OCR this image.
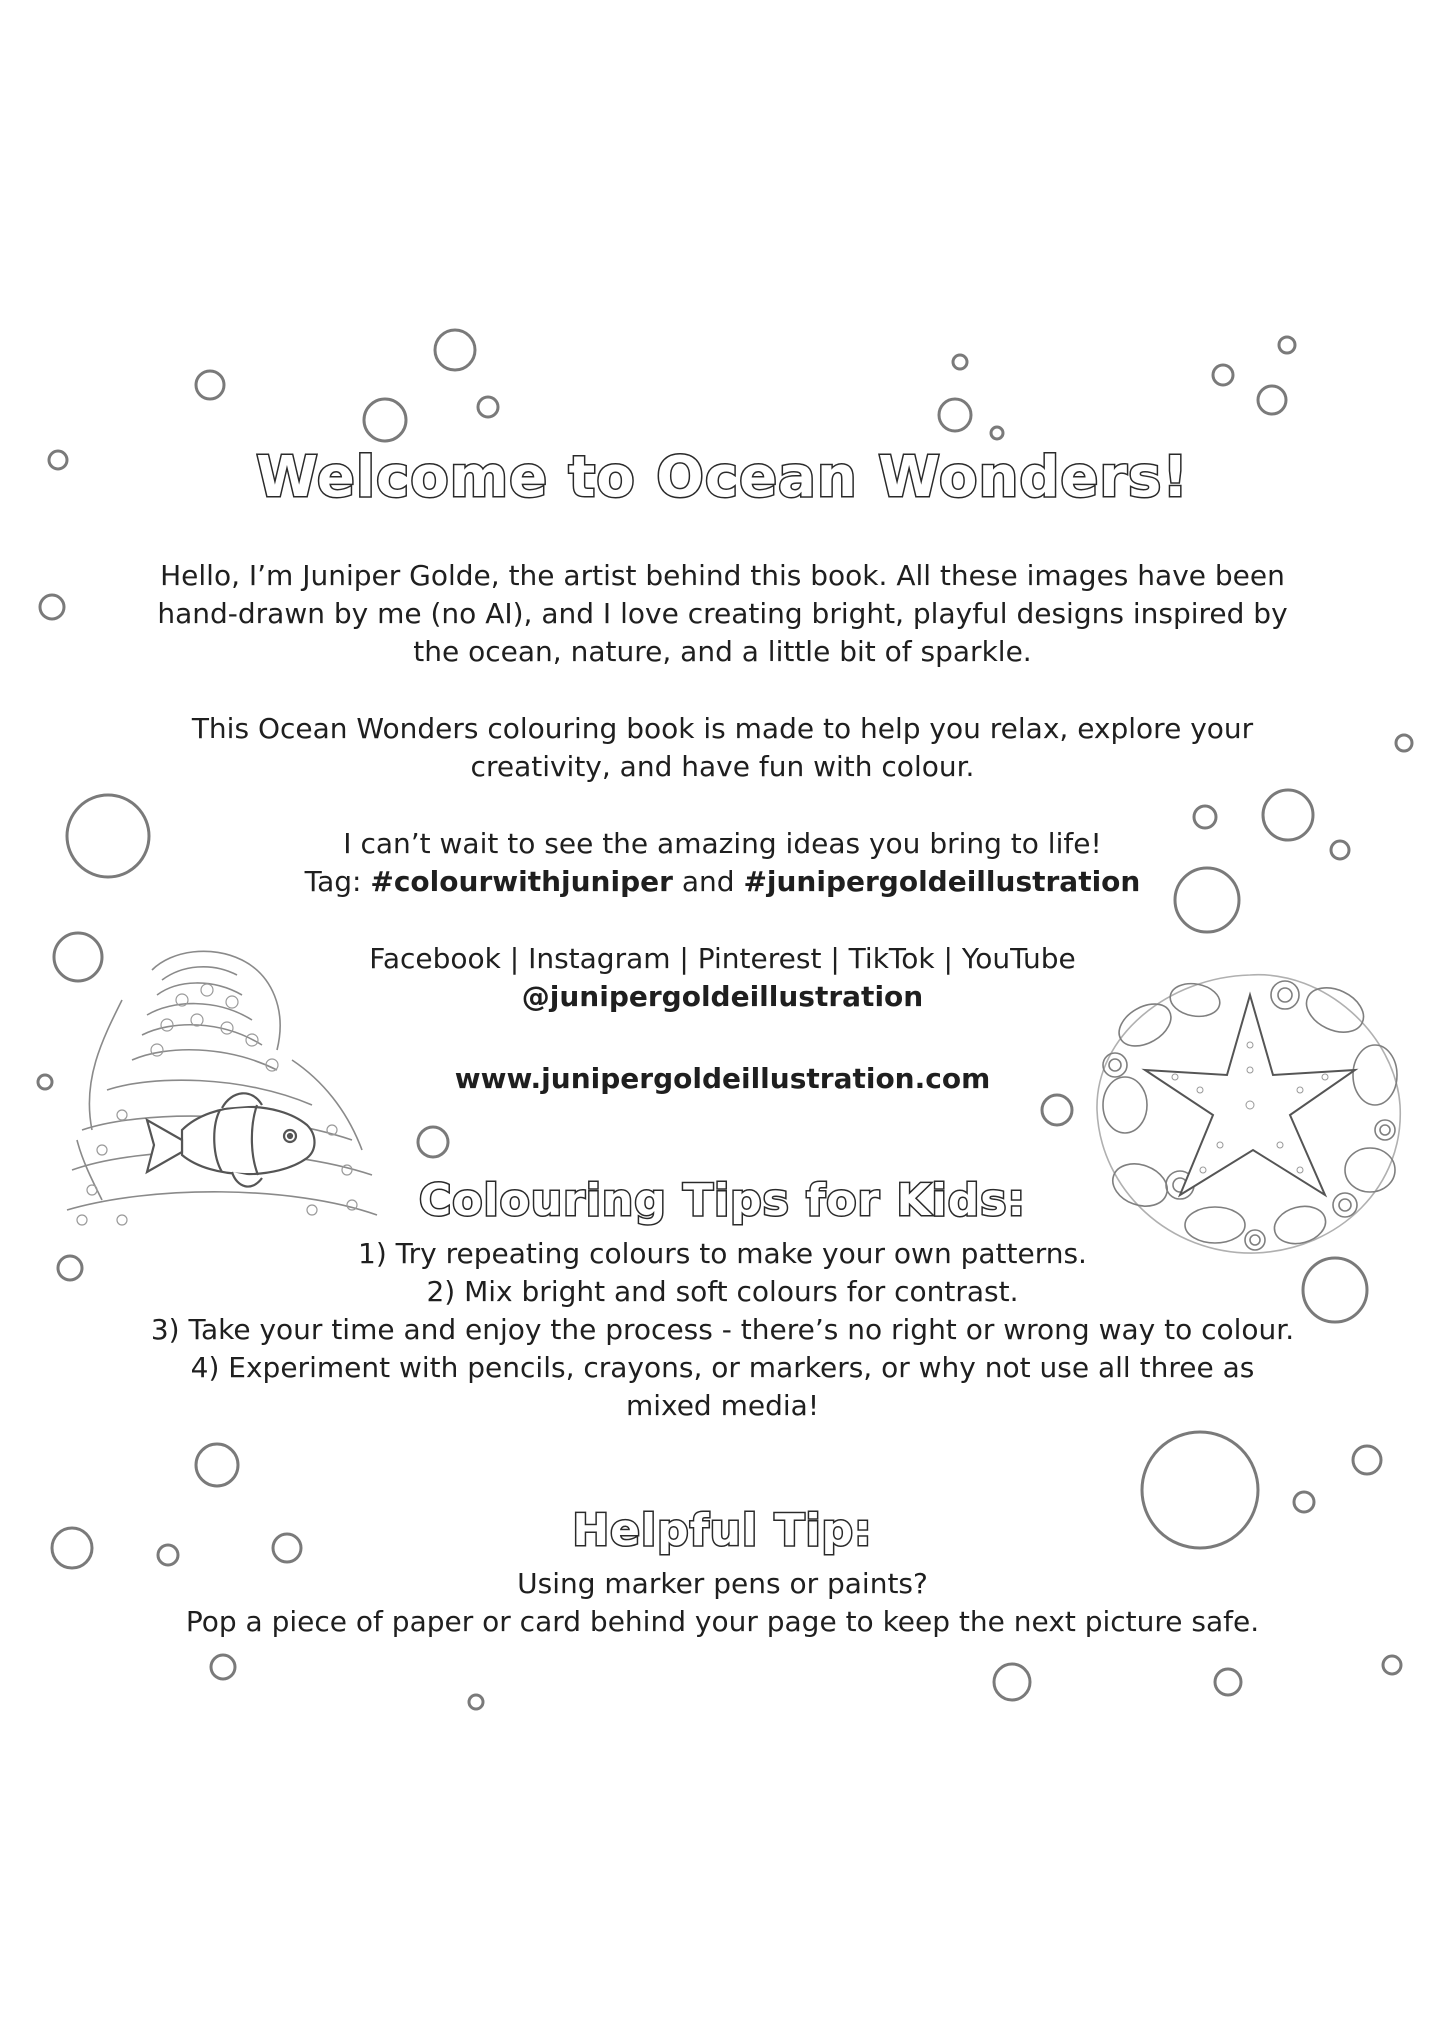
Welcome to Ocean Wonders!

Hello, I’m Juniper Golde, the artist behind this book. All these images have been hand-drawn by me (no AI), and I love creating bright, playful designs inspired by the ocean, nature, and a little bit of sparkle.

This Ocean Wonders colouring book is made to help you relax, explore your creativity, and have fun with colour.

I can’t wait to see the amazing ideas you bring to life!
Tag: #colourwithjuniper and #junipergoldeillustration
Facebook | Instagram | Pinterest | TikTok | YouTube
@junipergoldeillustration

www.junipergoldeillustration.com

Colouring Tips for Kids:
1) Try repeating colours to make your own patterns.
2) Mix bright and soft colours for contrast.
3) Take your time and enjoy the process - there’s no right or wrong way to colour.
4) Experiment with pencils, crayons, or markers, or why not use all three as mixed media!
Helpful Tip:
Using marker pens or paints?
Pop a piece of paper or card behind your page to keep the next picture safe.
